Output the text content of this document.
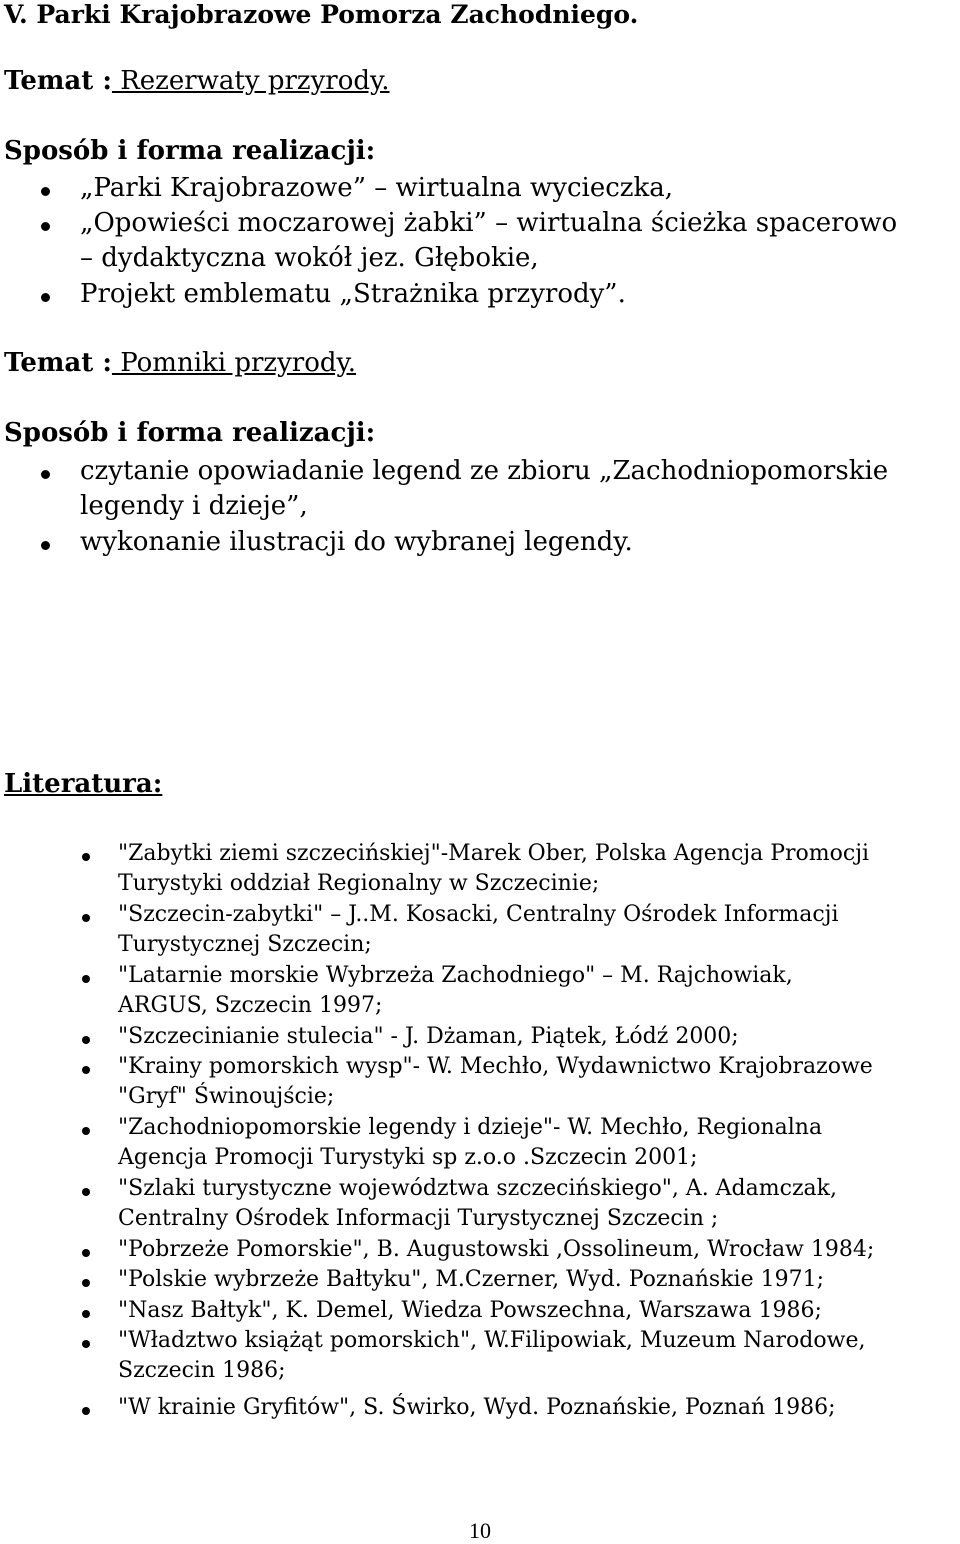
V. Parki Krajobrazowe Pomorza Zachodniego.
Temat : Rezerwaty przyrody.
Sposób i forma realizacji:
„Parki Krajobrazowe” – wirtualna wycieczka,
„Opowieści moczarowej żabki” – wirtualna ścieżka spacerowo
– dydaktyczna wokół jez. Głębokie,
Projekt emblematu „Strażnika przyrody”.
Temat : Pomniki przyrody.
Sposób i forma realizacji:
czytanie opowiadanie legend ze zbioru „Zachodniopomorskie
legendy i dzieje”,
wykonanie ilustracji do wybranej legendy.
Literatura:
"Zabytki ziemi szczecińskiej"-Marek Ober, Polska Agencja Promocji
Turystyki oddział Regionalny w Szczecinie;
"Szczecin-zabytki" – J..M. Kosacki, Centralny Ośrodek Informacji
Turystycznej Szczecin;
"Latarnie morskie Wybrzeża Zachodniego" – M. Rajchowiak,
ARGUS, Szczecin 1997;
"Szczecinianie stulecia" - J. Dżaman, Piątek, Łódź 2000;
"Krainy pomorskich wysp"- W. Mechło, Wydawnictwo Krajobrazowe
"Gryf" Świnoujście;
"Zachodniopomorskie legendy i dzieje"- W. Mechło, Regionalna
Agencja Promocji Turystyki sp z.o.o .Szczecin 2001;
"Szlaki turystyczne województwa szczecińskiego", A. Adamczak,
Centralny Ośrodek Informacji Turystycznej Szczecin ;
"Pobrzeże Pomorskie", B. Augustowski ,Ossolineum, Wrocław 1984;
"Polskie wybrzeże Bałtyku", M.Czerner, Wyd. Poznańskie 1971;
"Nasz Bałtyk", K. Demel, Wiedza Powszechna, Warszawa 1986;
"Władztwo książąt pomorskich", W.Filipowiak, Muzeum Narodowe,
Szczecin 1986;
"W krainie Gryfitów", S. Świrko, Wyd. Poznańskie, Poznań 1986;
10
